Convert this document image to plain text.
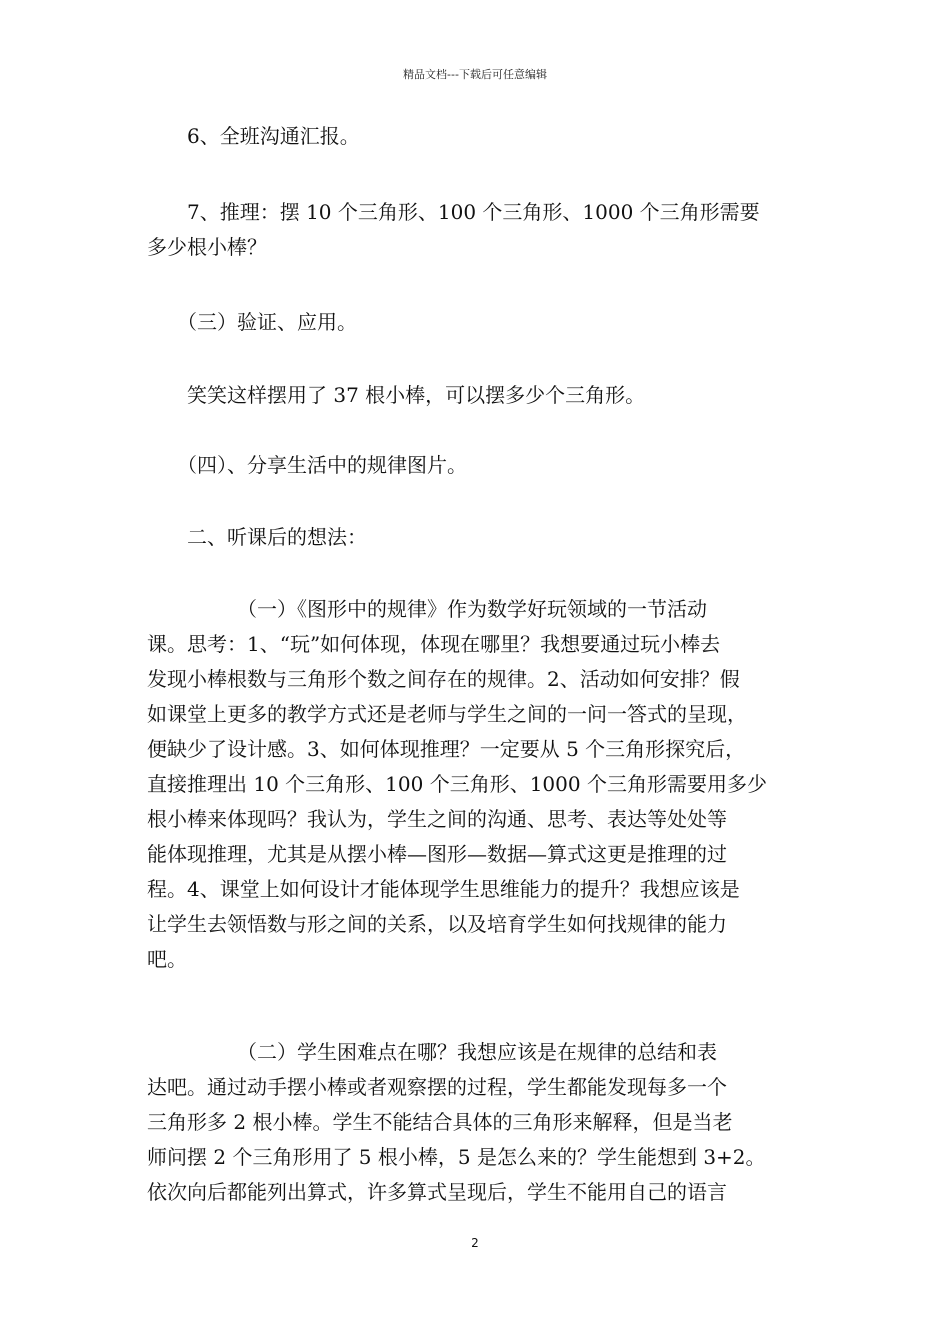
精品文档---下载后可任意编辑
　　6、全班沟通汇报。
　　7、推理：摆 10 个三角形、100 个三角形、1000 个三角形需要
多少根小棒？
　　（三）验证、应用。
　　笑笑这样摆用了 37 根小棒，可以摆多少个三角形。
　　（四）、分享生活中的规律图片。
　　二、听课后的想法：
　　　　　（一）《图形中的规律》作为数学好玩领域的一节活动
课。思考：1、“玩”如何体现，体现在哪里？我想要通过玩小棒去
发现小棒根数与三角形个数之间存在的规律。2、活动如何安排？假
如课堂上更多的教学方式还是老师与学生之间的一问一答式的呈现，
便缺少了设计感。3、如何体现推理？一定要从 5 个三角形探究后，
直接推理出 10 个三角形、100 个三角形、1000 个三角形需要用多少
根小棒来体现吗？我认为，学生之间的沟通、思考、表达等处处等
能体现推理，尤其是从摆小棒—图形—数据—算式这更是推理的过
程。4、课堂上如何设计才能体现学生思维能力的提升？我想应该是
让学生去领悟数与形之间的关系，以及培育学生如何找规律的能力
吧。
　　　　　（二）学生困难点在哪？我想应该是在规律的总结和表
达吧。通过动手摆小棒或者观察摆的过程，学生都能发现每多一个
三角形多 2 根小棒。学生不能结合具体的三角形来解释，但是当老
师问摆 2 个三角形用了 5 根小棒，5 是怎么来的？学生能想到 3+2。
依次向后都能列出算式，许多算式呈现后，学生不能用自己的语言
2
